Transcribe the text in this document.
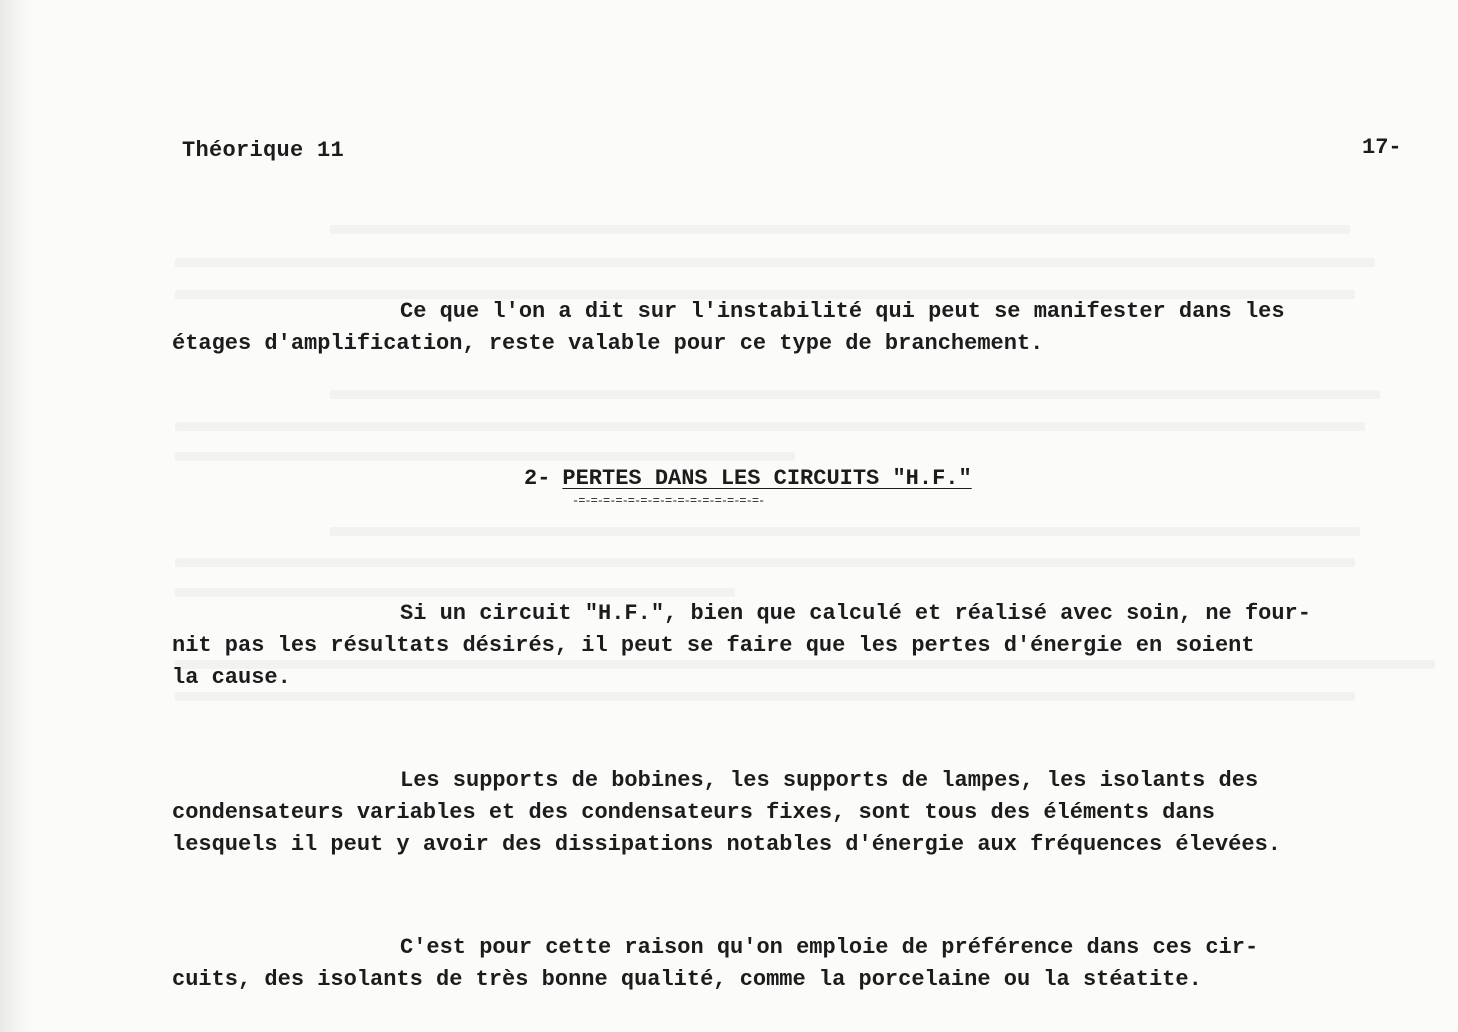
Théorique 11	17-

Ce que l'on a dit sur l'instabilité qui peut se manifester dans les
étages d'amplification, reste valable pour ce type de branchement.

2- PERTES DANS LES CIRCUITS "H.F."
-=-=-=-=-=-=-=-=-=-=-=-=-=-=-=-

Si un circuit "H.F.", bien que calculé et réalisé avec soin, ne four-
nit pas les résultats désirés, il peut se faire que les pertes d'énergie en soient
la cause.

Les supports de bobines, les supports de lampes, les isolants des
condensateurs variables et des condensateurs fixes, sont tous des éléments dans
lesquels il peut y avoir des dissipations notables d'énergie aux fréquences élevées.

C'est pour cette raison qu'on emploie de préférence dans ces cir-
cuits, des isolants de très bonne qualité, comme la porcelaine ou la stéatite.
